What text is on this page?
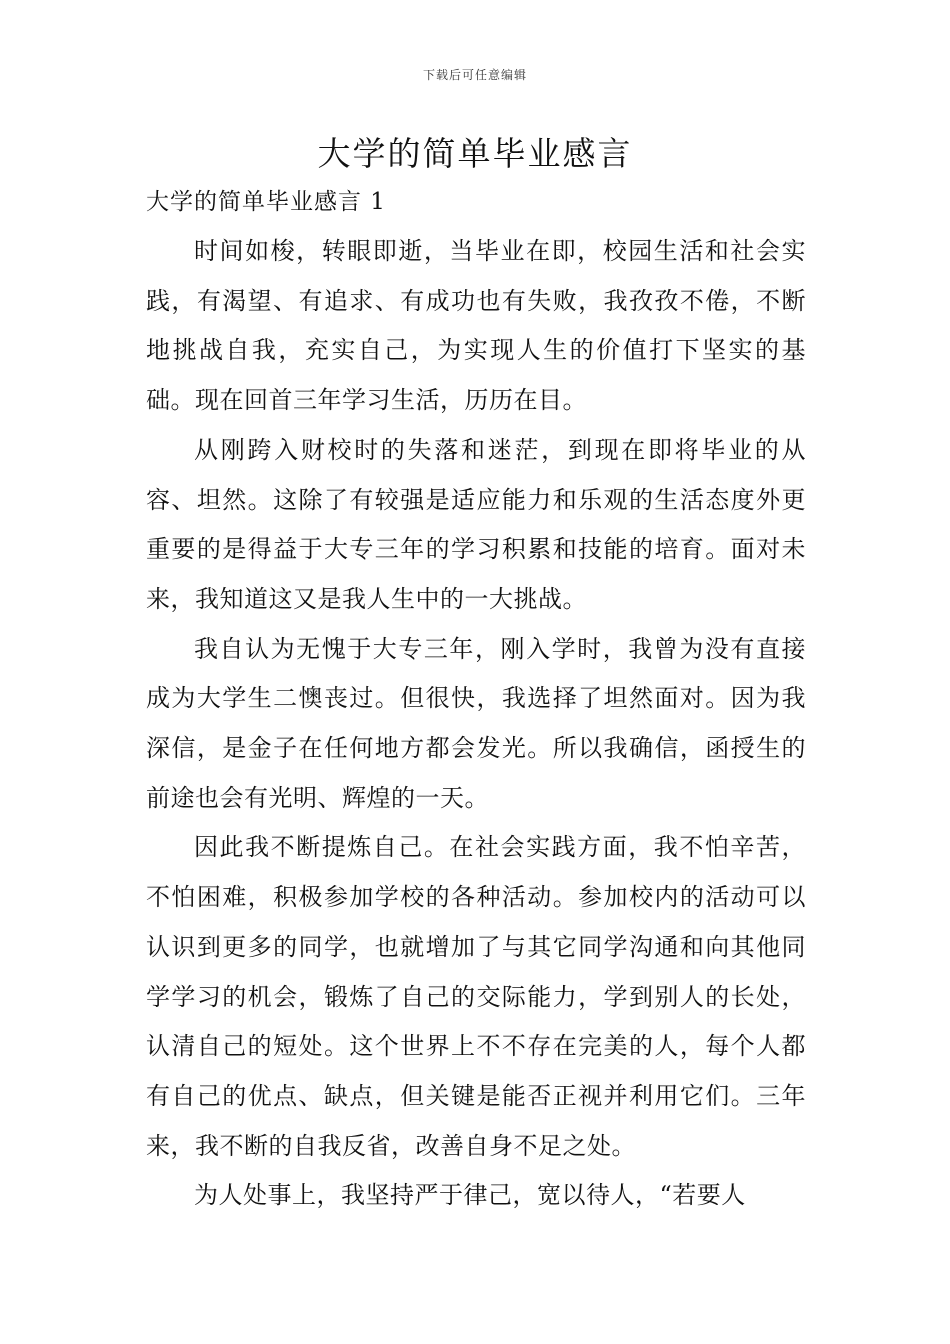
下载后可任意编辑
大学的简单毕业感言

大学的简单毕业感言 1

时间如梭，转眼即逝，当毕业在即，校园生活和社会实践，有渴望、有追求、有成功也有失败，我孜孜不倦，不断地挑战自我，充实自己，为实现人生的价值打下坚实的基础。现在回首三年学习生活，历历在目。

从刚跨入财校时的失落和迷茫，到现在即将毕业的从容、坦然。这除了有较强是适应能力和乐观的生活态度外更重要的是得益于大专三年的学习积累和技能的培育。面对未来，我知道这又是我人生中的一大挑战。

我自认为无愧于大专三年，刚入学时，我曾为没有直接成为大学生二懊丧过。但很快，我选择了坦然面对。因为我深信，是金子在任何地方都会发光。所以我确信，函授生的前途也会有光明、辉煌的一天。

因此我不断提炼自己。在社会实践方面，我不怕辛苦，不怕困难，积极参加学校的各种活动。参加校内的活动可以认识到更多的同学，也就增加了与其它同学沟通和向其他同学学习的机会，锻炼了自己的交际能力，学到别人的长处，认清自己的短处。这个世界上不不存在完美的人，每个人都有自己的优点、缺点，但关键是能否正视并利用它们。三年来，我不断的自我反省，改善自身不足之处。

为人处事上，我坚持严于律己，宽以待人，“若要人
